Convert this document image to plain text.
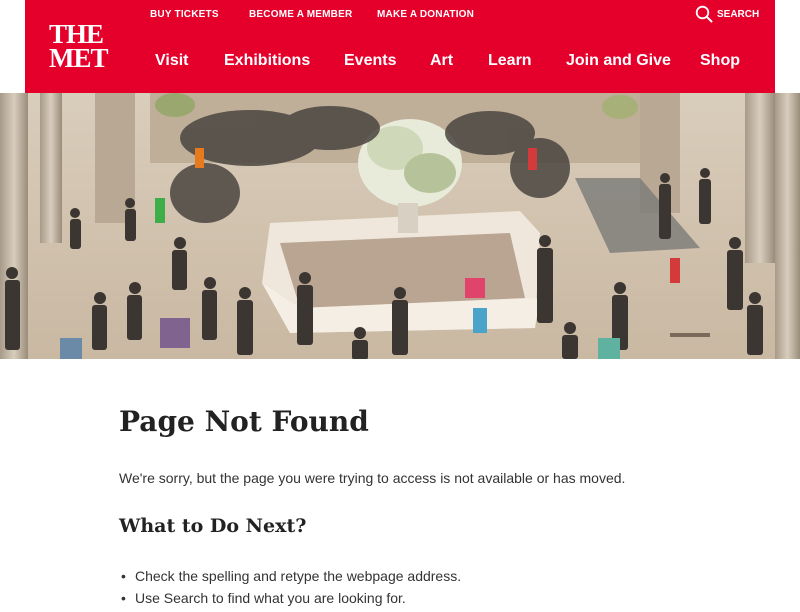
THE
MET
BUY TICKETS	BECOME A MEMBER MAKE A DONATION	SEARCH
Visit Exhibitions Events Art Learn Join and Give Shop
Page Not Found

We're sorry, but the page you were trying to access is not available or has moved.

What to Do Next?
• Check the spelling and retype the webpage address.
• Use Search to find what you are looking for.
